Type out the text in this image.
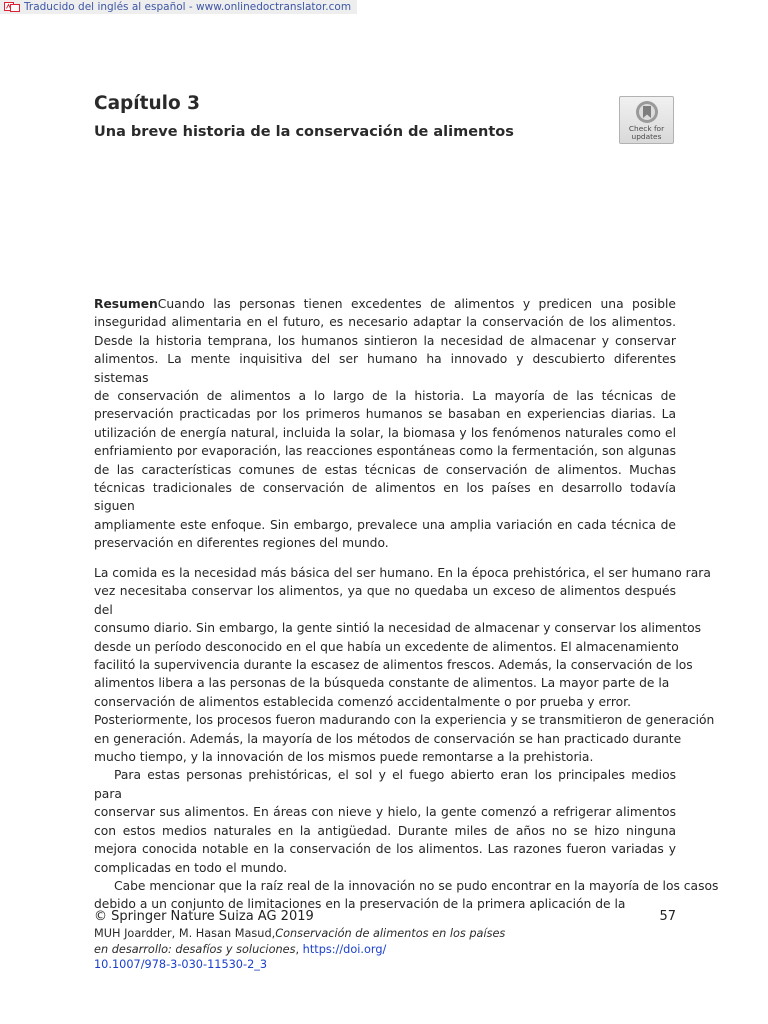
Traducido del inglés al español - www.onlinedoctranslator.com
Capítulo 3
Una breve historia de la conservación de alimentos	Check for
updates
ResumenCuando las personas tienen excedentes de alimentos y predicen una posible
inseguridad alimentaria en el futuro, es necesario adaptar la conservación de los alimentos.
Desde la historia temprana, los humanos sintieron la necesidad de almacenar y conservar
alimentos. La mente inquisitiva del ser humano ha innovado y descubierto diferentes sistemas
de conservación de alimentos a lo largo de la historia. La mayoría de las técnicas de
preservación practicadas por los primeros humanos se basaban en experiencias diarias. La
utilización de energía natural, incluida la solar, la biomasa y los fenómenos naturales como el
enfriamiento por evaporación, las reacciones espontáneas como la fermentación, son algunas
de las características comunes de estas técnicas de conservación de alimentos. Muchas
técnicas tradicionales de conservación de alimentos en los países en desarrollo todavía siguen
ampliamente este enfoque. Sin embargo, prevalece una amplia variación en cada técnica de
preservación en diferentes regiones del mundo.
La comida es la necesidad más básica del ser humano. En la época prehistórica, el ser humano rara
vez necesitaba conservar los alimentos, ya que no quedaba un exceso de alimentos después del
consumo diario. Sin embargo, la gente sintió la necesidad de almacenar y conservar los alimentos
desde un período desconocido en el que había un excedente de alimentos. El almacenamiento
facilitó la supervivencia durante la escasez de alimentos frescos. Además, la conservación de los
alimentos libera a las personas de la búsqueda constante de alimentos. La mayor parte de la
conservación de alimentos establecida comenzó accidentalmente o por prueba y error.
Posteriormente, los procesos fueron madurando con la experiencia y se transmitieron de generación
en generación. Además, la mayoría de los métodos de conservación se han practicado durante
mucho tiempo, y la innovación de los mismos puede remontarse a la prehistoria.
Para estas personas prehistóricas, el sol y el fuego abierto eran los principales medios para
conservar sus alimentos. En áreas con nieve y hielo, la gente comenzó a refrigerar alimentos
con estos medios naturales en la antigüedad. Durante miles de años no se hizo ninguna
mejora conocida notable en la conservación de los alimentos. Las razones fueron variadas y
complicadas en todo el mundo.
Cabe mencionar que la raíz real de la innovación no se pudo encontrar en la mayoría de los casos
debido a un conjunto de limitaciones en la preservación de la primera aplicación de la
© Springer Nature Suiza AG 2019	57
MUH Joardder, M. Hasan Masud,Conservación de alimentos en los países
en desarrollo: desafíos y soluciones, https://doi.org/
10.1007/978-3-030-11530-2_3
